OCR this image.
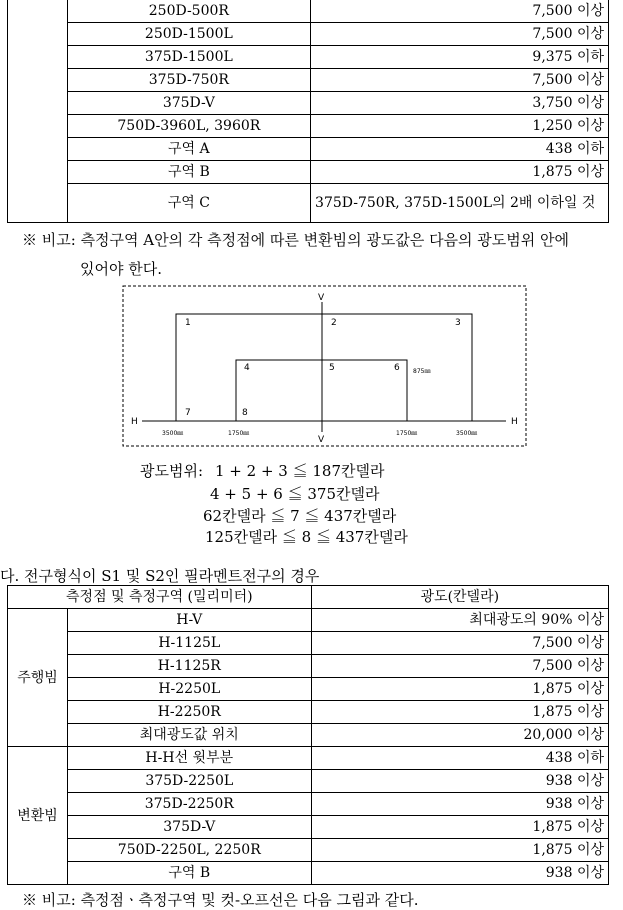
	250D-500R	7,500 이상
	250D-1500L	7,500 이상
	375D-1500L	9,375 이하
	375D-750R	7,500 이상
	375D-V	3,750 이상
	750D-3960L, 3960R	1,250 이상
	구역 A	438 이하
	구역 B	1,875 이상
	구역 C	375D-750R, 375D-1500L의 2배 이하일 것
※ 비고: 측정구역 A안의 각 측정점에 따른 변환빔의 광도값은 다음의 광도범위 안에
있어야 한다.
V
V
H	H
1	2	3
4	5	6
7	8
875㎜
3500㎜	1750㎜	1750㎜	3500㎜
광도범위: 1 + 2 + 3 ≦ 187칸델라
4 + 5 + 6 ≦ 375칸델라
62칸델라 ≦ 7 ≦ 437칸델라
125칸델라 ≦ 8 ≦ 437칸델라
다. 전구형식이 S1 및 S2인 필라멘트전구의 경우
측정점 및 측정구역 (밀리미터)		광도(칸델라)
주행빔	H-V	최대광도의 90% 이상
	H-1125L	7,500 이상
	H-1125R	7,500 이상
	H-2250L	1,875 이상
	H-2250R	1,875 이상
	최대광도값 위치	20,000 이상
변환빔	H-H선 윗부분	438 이하
	375D-2250L	938 이상
	375D-2250R	938 이상
	375D-V	1,875 이상
	750D-2250L, 2250R	1,875 이상
	구역 B	938 이상
※ 비고: 측정점ㆍ측정구역 및 컷-오프선은 다음 그림과 같다.
